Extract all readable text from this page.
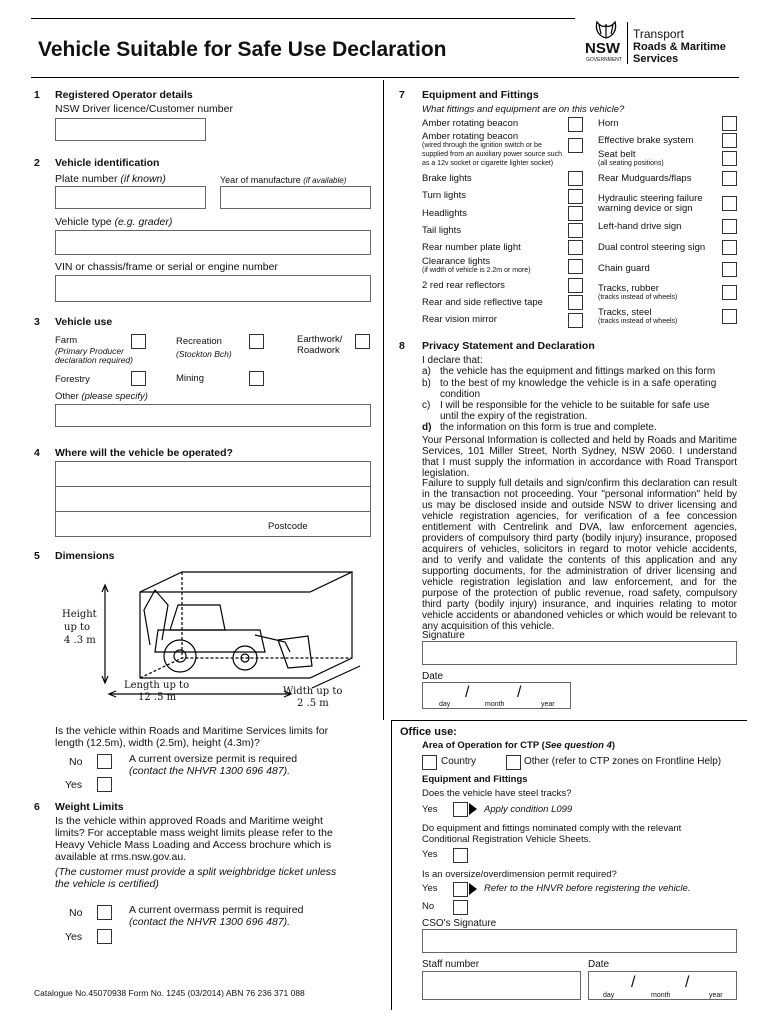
Vehicle Suitable for Safe Use Declaration	NSW
GOVERNMENT
Transport
Roads & Maritime
Services
1 Registered Operator details
NSW Driver licence/Customer number
2 Vehicle identification
Plate number (if known)	Year of manufacture (if available)
Vehicle type (e.g. grader)
VIN or chassis/frame or serial or engine number
3 Vehicle use
Farm
(Primary Producer
declaration required)
Recreation
(Stockton Bch)
Earthwork/
Roadwork
Forestry	Mining
Other (please specify)
4 Where will the vehicle be operated?
Postcode
5 Dimensions
Height
up to
4 .3 m
Length up to
12 .5 m
Width up to
2 .5 m
Is the vehicle within Roads and Maritime Services limits for
length (12.5m), width (2.5m), height (4.3m)?
No	A current oversize permit is required
(contact the NHVR 1300 696 487).
Yes
6 Weight Limits
Is the vehicle within approved Roads and Maritime weight
limits? For acceptable mass weight limits please refer to the
Heavy Vehicle Mass Loading and Access brochure which is
available at rms.nsw.gov.au.
(The customer must provide a split weighbridge ticket unless
the vehicle is certified)
No	A current overmass permit is required
(contact the NHVR 1300 696 487).
Yes
7 Equipment and Fittings
What fittings and equipment are on this vehicle?
Amber rotating beacon
Amber rotating beacon
(wired through the ignition switch or be
supplied from an auxiliary power source such
as a 12v socket or cigarette lighter socket)
Brake lights
Turn lights
Headlights
Tail lights
Rear number plate light
Clearance lights
(if width of vehicle is 2.2m or more)
2 red rear reflectors
Rear and side reflective tape
Rear vision mirror
Horn
Effective brake system
Seat belt
(all seating positions)
Rear Mudguards/flaps
Hydraulic steering failure
warning device or sign
Left-hand drive sign
Dual control steering sign
Chain guard
Tracks, rubber
(tracks instead of wheels)
Tracks, steel
(tracks instead of wheels)
8 Privacy Statement and Declaration
I declare that:
a) the vehicle has the equipment and fittings marked on this form
b) to the best of my knowledge the vehicle is in a safe operating
condition
c) I will be responsible for the vehicle to be suitable for safe use
until the expiry of the registration.
d) the information on this form is true and complete.
Your Personal Information is collected and held by Roads and Maritime Services, 101 Miller Street, North Sydney, NSW 2060. I understand that I must supply the information in accordance with Road Transport legislation.
Failure to supply full details and sign/confirm this declaration can result in the transaction not proceeding. Your "personal information" held by us may be disclosed inside and outside NSW to driver licensing and vehicle registration agencies, for verification of a fee concession entitlement with Centrelink and DVA, law enforcement agencies, providers of compulsory third party (bodily injury) insurance, proposed acquirers of vehicles, solicitors in regard to motor vehicle accidents, and to verify and validate the contents of this application and any supporting documents, for the administration of driver licensing and vehicle registration legislation and law enforcement, and for the purpose of the protection of public revenue, road safety, compulsory third party (bodily injury) insurance, and inquiries relating to motor vehicle accidents or abandoned vehicles or which would be relevant to any acquisition of this vehicle.
Signature
Date
/	/
day	month	year
Office use:
Area of Operation for CTP (See question 4)
Country	Other (refer to CTP zones on Frontline Help)
Equipment and Fittings
Does the vehicle have steel tracks?
Yes	Apply condition L099
Do equipment and fittings nominated comply with the relevant
Conditional Registration Vehicle Sheets.
Yes
Is an oversize/overdimension permit required?
Yes	Refer to the HNVR before registering the vehicle.
No
CSO's Signature
Staff number	Date
/	/
day	month	year
Catalogue No.45070938 Form No. 1245 (03/2014) ABN 76 236 371 088
